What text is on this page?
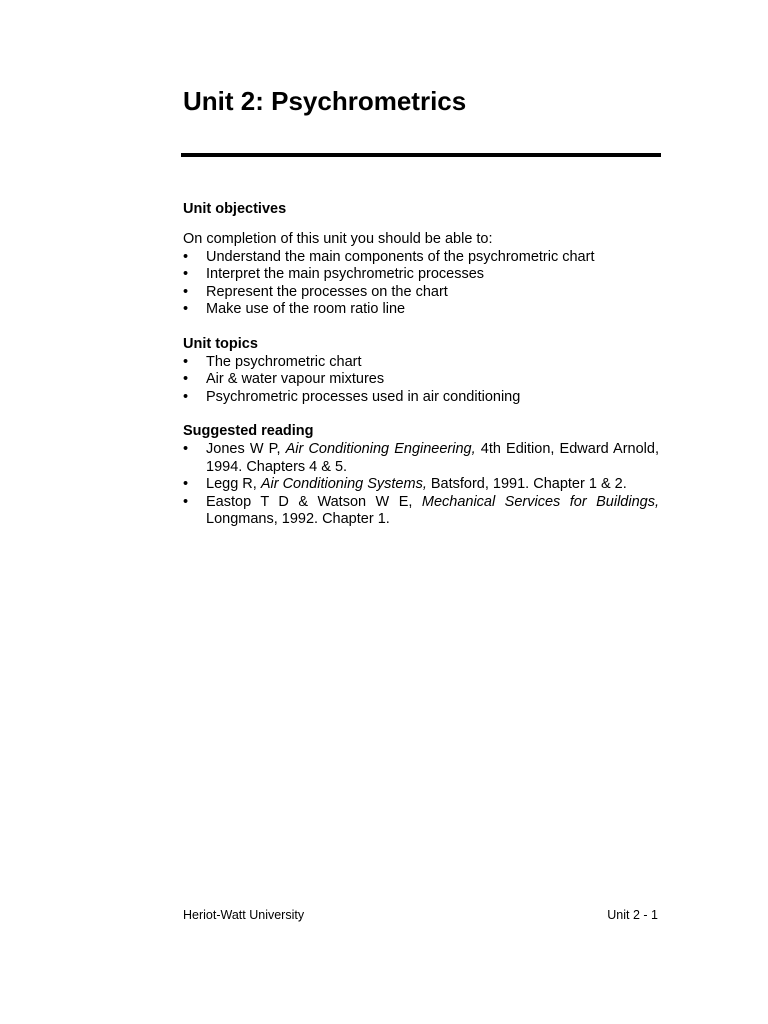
Unit 2: Psychrometrics
Unit objectives

On completion of this unit you should be able to:

• Understand the main components of the psychrometric chart
• Interpret the main psychrometric processes
• Represent the processes on the chart
• Make use of the room ratio line
Unit topics
• The psychrometric chart
• Air & water vapour mixtures
• Psychrometric processes used in air conditioning
Suggested reading
• Jones W P, Air Conditioning Engineering, 4th Edition, Edward Arnold, 1994. Chapters 4 & 5.
• Legg R, Air Conditioning Systems, Batsford, 1991. Chapter 1 & 2.
• Eastop T D & Watson W E, Mechanical Services for Buildings, Longmans, 1992. Chapter 1.
Heriot-Watt University	Unit 2 - 1
